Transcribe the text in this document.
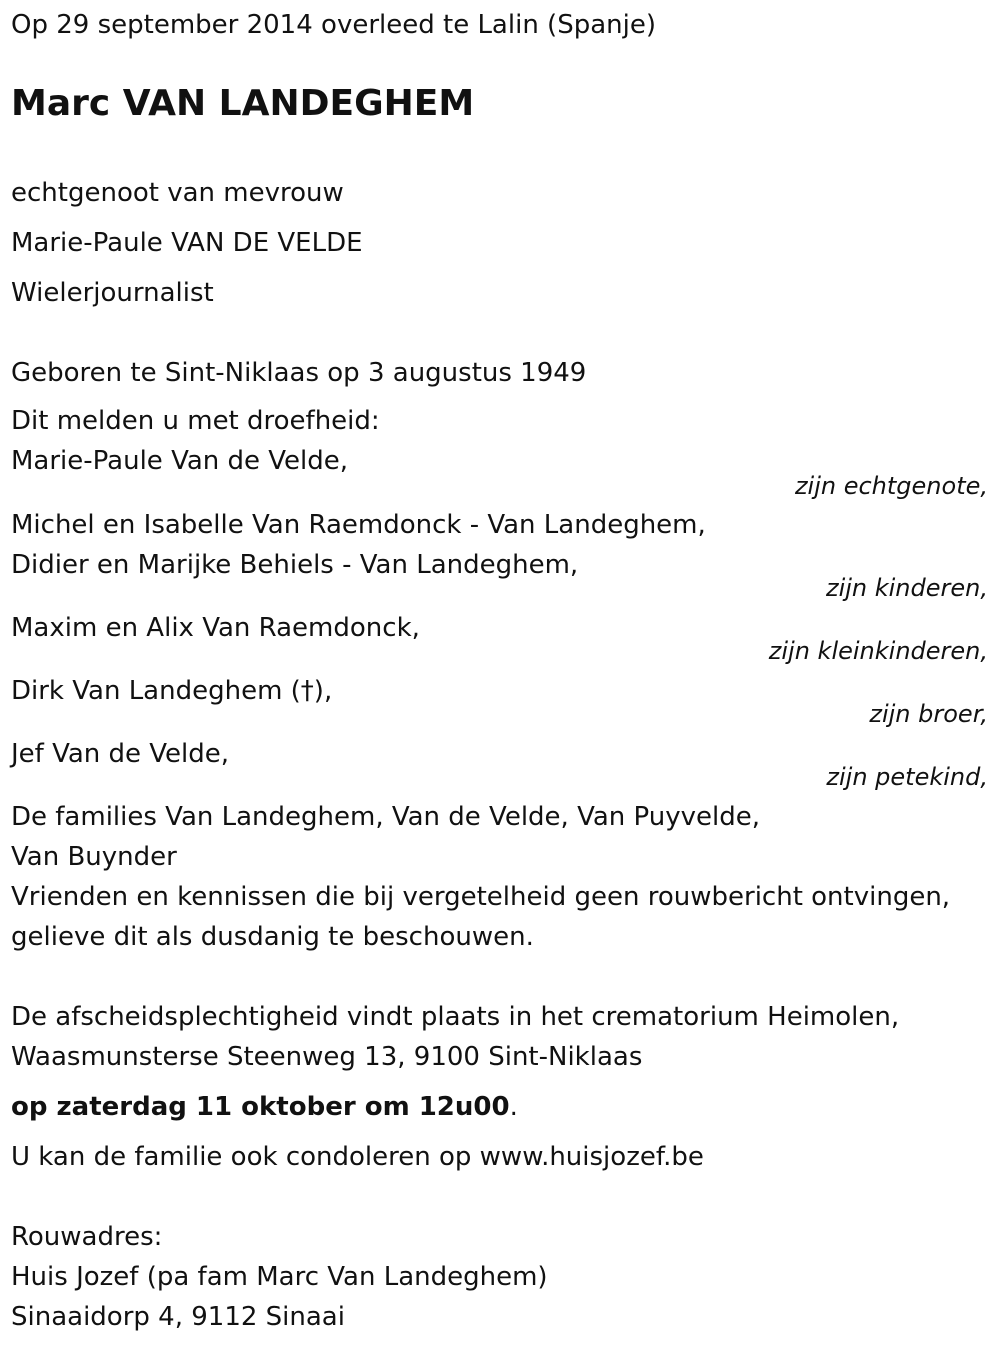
Op 29 september 2014 overleed te Lalin (Spanje)
Marc VAN LANDEGHEM
echtgenoot van mevrouw
Marie-Paule VAN DE VELDE
Wielerjournalist
Geboren te Sint-Niklaas op 3 augustus 1949
Dit melden u met droefheid:
Marie-Paule Van de Velde,
zijn echtgenote,
Michel en Isabelle Van Raemdonck - Van Landeghem,
Didier en Marijke Behiels - Van Landeghem,
zijn kinderen,
Maxim en Alix Van Raemdonck,
zijn kleinkinderen,
Dirk Van Landeghem (†),
zijn broer,
Jef Van de Velde,
zijn petekind,
De families Van Landeghem, Van de Velde, Van Puyvelde,
Van Buynder
Vrienden en kennissen die bij vergetelheid geen rouwbericht ontvingen,
gelieve dit als dusdanig te beschouwen.
De afscheidsplechtigheid vindt plaats in het crematorium Heimolen,
Waasmunsterse Steenweg 13, 9100 Sint-Niklaas
op zaterdag 11 oktober om 12u00.
U kan de familie ook condoleren op www.huisjozef.be
Rouwadres:
Huis Jozef (pa fam Marc Van Landeghem)
Sinaaidorp 4, 9112 Sinaai
